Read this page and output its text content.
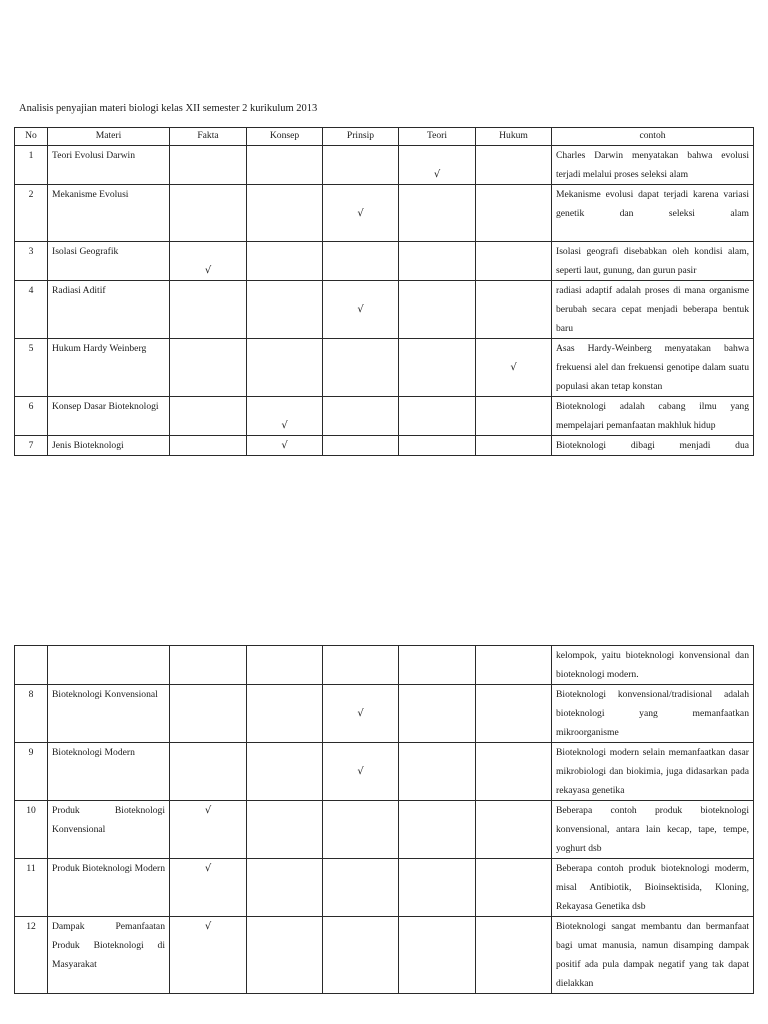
Analisis penyajian materi biologi kelas XII semester 2 kurikulum 2013
No	Materi	Fakta	Konsep	Prinsip	Teori	Hukum	contoh
1	Teori Evolusi Darwin				√		Charles Darwin menyatakan bahwa evolusi terjadi melalui proses seleksi alam
2	Mekanisme Evolusi			√			Mekanisme evolusi dapat terjadi karena variasi genetik dan seleksi alam
3	Isolasi Geografik	√					Isolasi geografi disebabkan oleh kondisi alam, seperti laut, gunung, dan gurun pasir
4	Radiasi Aditif			√			radiasi adaptif adalah proses di mana organisme berubah secara cepat menjadi beberapa bentuk baru
5	Hukum Hardy Weinberg					√	Asas Hardy-Weinberg menyatakan bahwa frekuensi alel dan frekuensi genotipe dalam suatu populasi akan tetap konstan
6	Konsep Dasar Bioteknologi		√				Bioteknologi adalah cabang ilmu yang mempelajari pemanfaatan makhluk hidup
7	Jenis Bioteknologi		√				Bioteknologi dibagi menjadi dua
							kelompok, yaitu bioteknologi konvensional dan bioteknologi modern.
8	Bioteknologi Konvensional			√			Bioteknologi konvensional/tradisional adalah bioteknologi yang memanfaatkan mikroorganisme
9	Bioteknologi Modern			√			Bioteknologi modern selain memanfaatkan dasar mikrobiologi dan biokimia, juga didasarkan pada rekayasa genetika
10	Produk Bioteknologi Konvensional	√					Beberapa contoh produk bioteknologi konvensional, antara lain kecap, tape, tempe, yoghurt dsb
11	Produk Bioteknologi Modern	√					Beberapa contoh produk bioteknologi moderm, misal Antibiotik, Bioinsektisida, Kloning, Rekayasa Genetika dsb
12	Dampak Pemanfaatan Produk Bioteknologi di Masyarakat	√					Bioteknologi sangat membantu dan bermanfaat bagi umat manusia, namun disamping dampak positif ada pula dampak negatif yang tak dapat dielakkan
